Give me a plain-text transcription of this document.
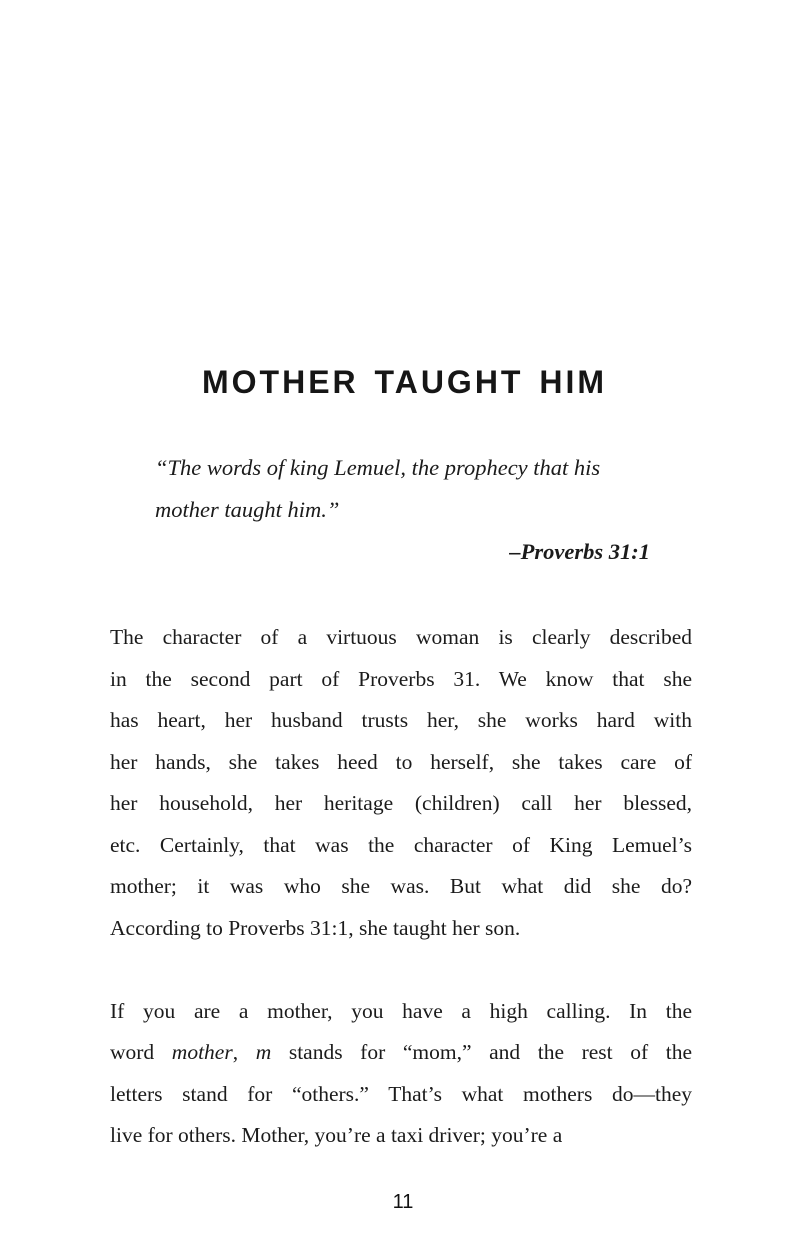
MOTHER TAUGHT HIM
“The words of king Lemuel, the prophecy that his
mother taught him.”
–Proverbs 31:1
The character of a virtuous woman is clearly described
in the second part of Proverbs 31. We know that she
has heart, her husband trusts her, she works hard with
her hands, she takes heed to herself, she takes care of
her household, her heritage (children) call her blessed,
etc. Certainly, that was the character of King Lemuel’s
mother; it was who she was. But what did she do?
According to Proverbs 31:1, she taught her son.
If you are a mother, you have a high calling. In the
word mother, m stands for “mom,” and the rest of the
letters stand for “others.” That’s what mothers do—they
live for others. Mother, you’re a taxi driver; you’re a
11
